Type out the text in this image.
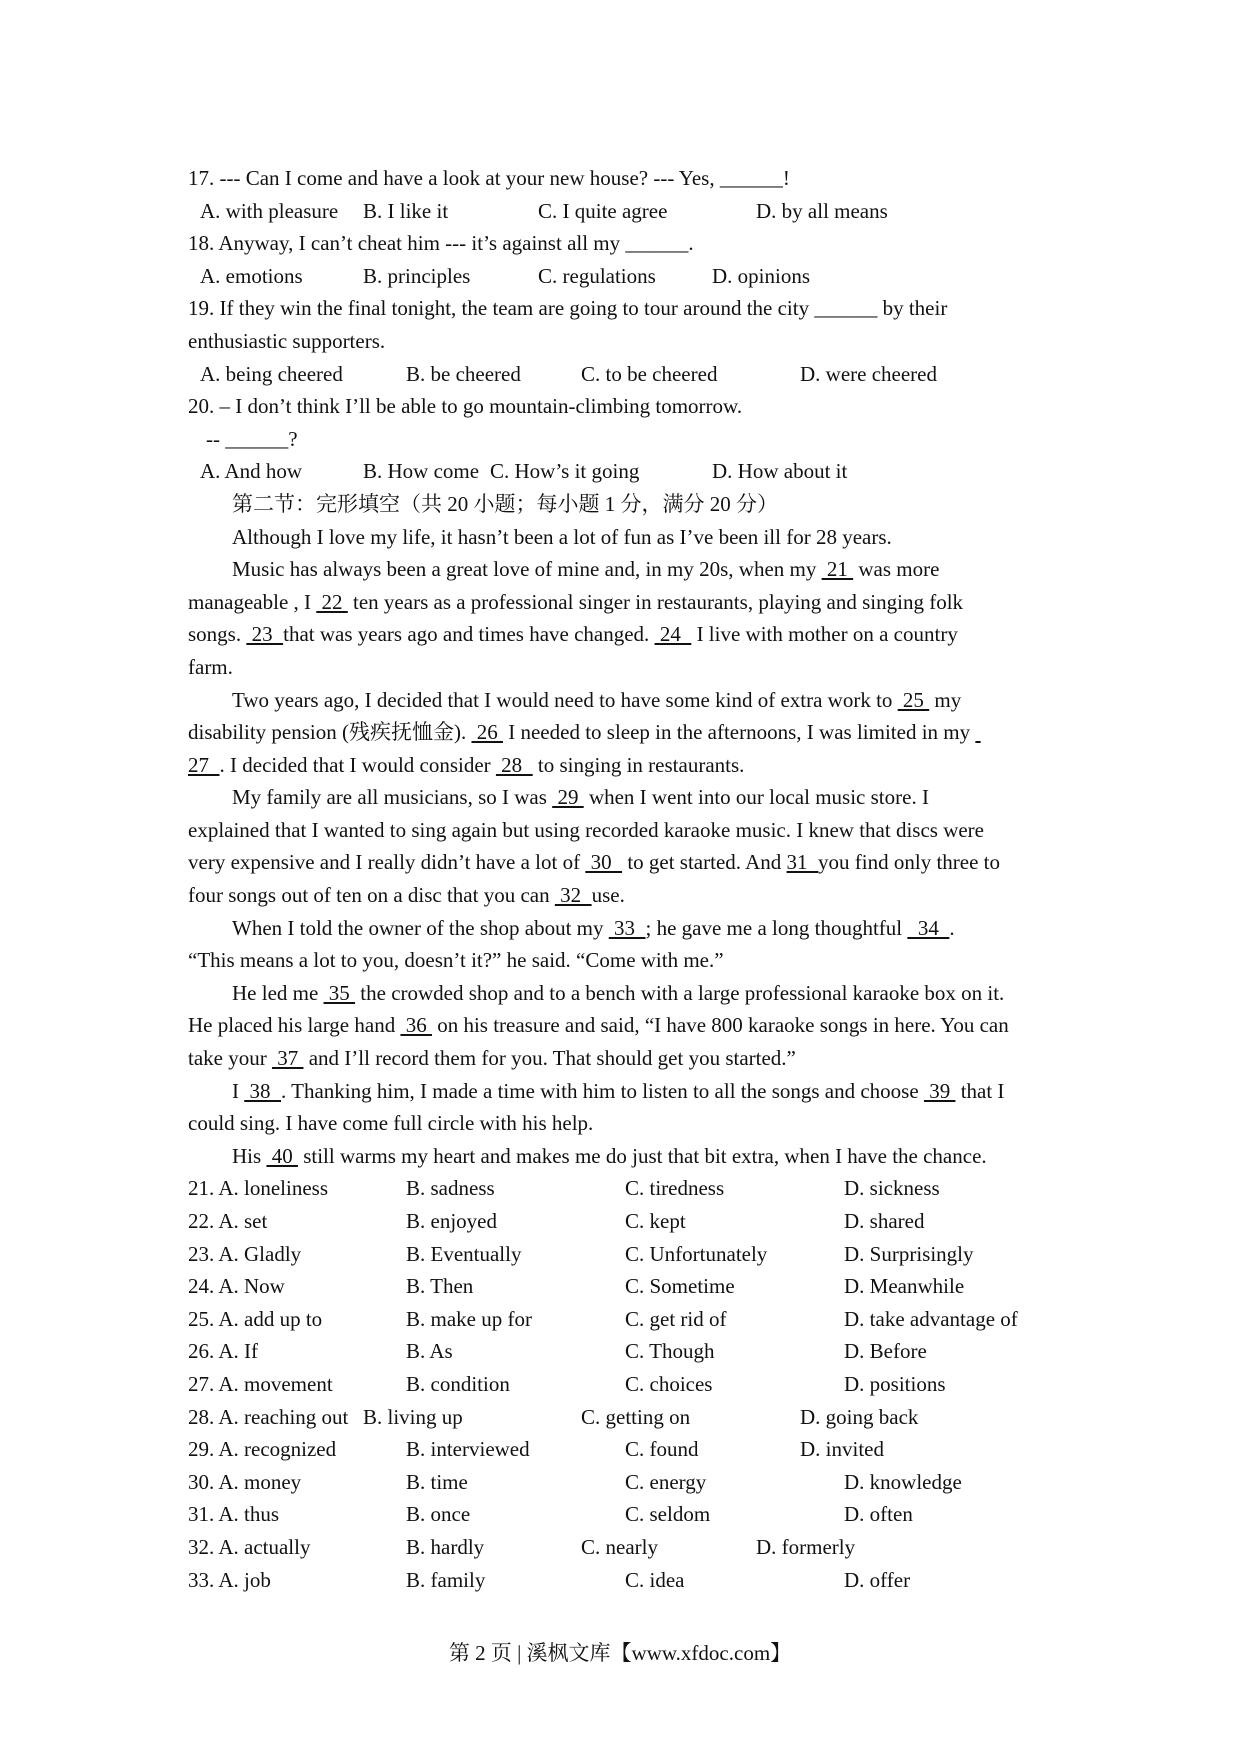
17. --- Can I come and have a look at your new house? --- Yes, ______!
A. with pleasure B. I like it	C. I quite agree	D. by all means
18. Anyway, I can’t cheat him --- it’s against all my ______.
A. emotions	B. principles	C. regulations	D. opinions
19. If they win the final tonight, the team are going to tour around the city ______ by their
enthusiastic supporters.
A. being cheered	B. be cheered	C. to be cheered	D. were cheered
20. – I don’t think I’ll be able to go mountain-climbing tomorrow.
-- ______?
A. And how	B. How come C. How’s it going	D. How about it
第二节：完形填空（共 20 小题；每小题 1 分，满分 20 分）
Although I love my life, it hasn’t been a lot of fun as I’ve been ill for 28 years.
Music has always been a great love of mine and, in my 20s, when my  21  was more
manageable , I  22  ten years as a professional singer in restaurants, playing and singing folk
songs.  23  that was years ago and times have changed.  24   I live with mother on a country
farm.
Two years ago, I decided that I would need to have some kind of extra work to  25  my
disability pension (残疾抚恤金).  26  I needed to sleep in the afternoons, I was limited in my
27  . I decided that I would consider  28   to singing in restaurants.
My family are all musicians, so I was  29  when I went into our local music store. I
explained that I wanted to sing again but using recorded karaoke music. I knew that discs were
very expensive and I really didn’t have a lot of  30   to get started. And 31  you find only three to
four songs out of ten on a disc that you can  32  use.
When I told the owner of the shop about my  33  ; he gave me a long thoughtful   34  .
“This means a lot to you, doesn’t it?” he said. “Come with me.”
He led me  35  the crowded shop and to a bench with a large professional karaoke box on it.
He placed his large hand  36  on his treasure and said, “I have 800 karaoke songs in here. You can
take your  37  and I’ll record them for you. That should get you started.”
I  38  . Thanking him, I made a time with him to listen to all the songs and choose  39  that I
could sing. I have come full circle with his help.
His  40  still warms my heart and makes me do just that bit extra, when I have the chance.
21. A. loneliness	B. sadness	C. tiredness	D. sickness
22. A. set	B. enjoyed	C. kept	D. shared
23. A. Gladly	B. Eventually	C. Unfortunately	D. Surprisingly
24. A. Now	B. Then	C. Sometime	D. Meanwhile
25. A. add up to	B. make up for	C. get rid of	D. take advantage of
26. A. If	B. As	C. Though	D. Before
27. A. movement	B. condition	C. choices	D. positions
28. A. reaching out B. living up	C. getting on	D. going back
29. A. recognized	B. interviewed	C. found	D. invited
30. A. money	B. time	C. energy	D. knowledge
31. A. thus	B. once	C. seldom	D. often
32. A. actually	B. hardly	C. nearly	D. formerly
33. A. job	B. family	C. idea	D. offer
第 2 页 | 溪枫文库【www.xfdoc.com】
